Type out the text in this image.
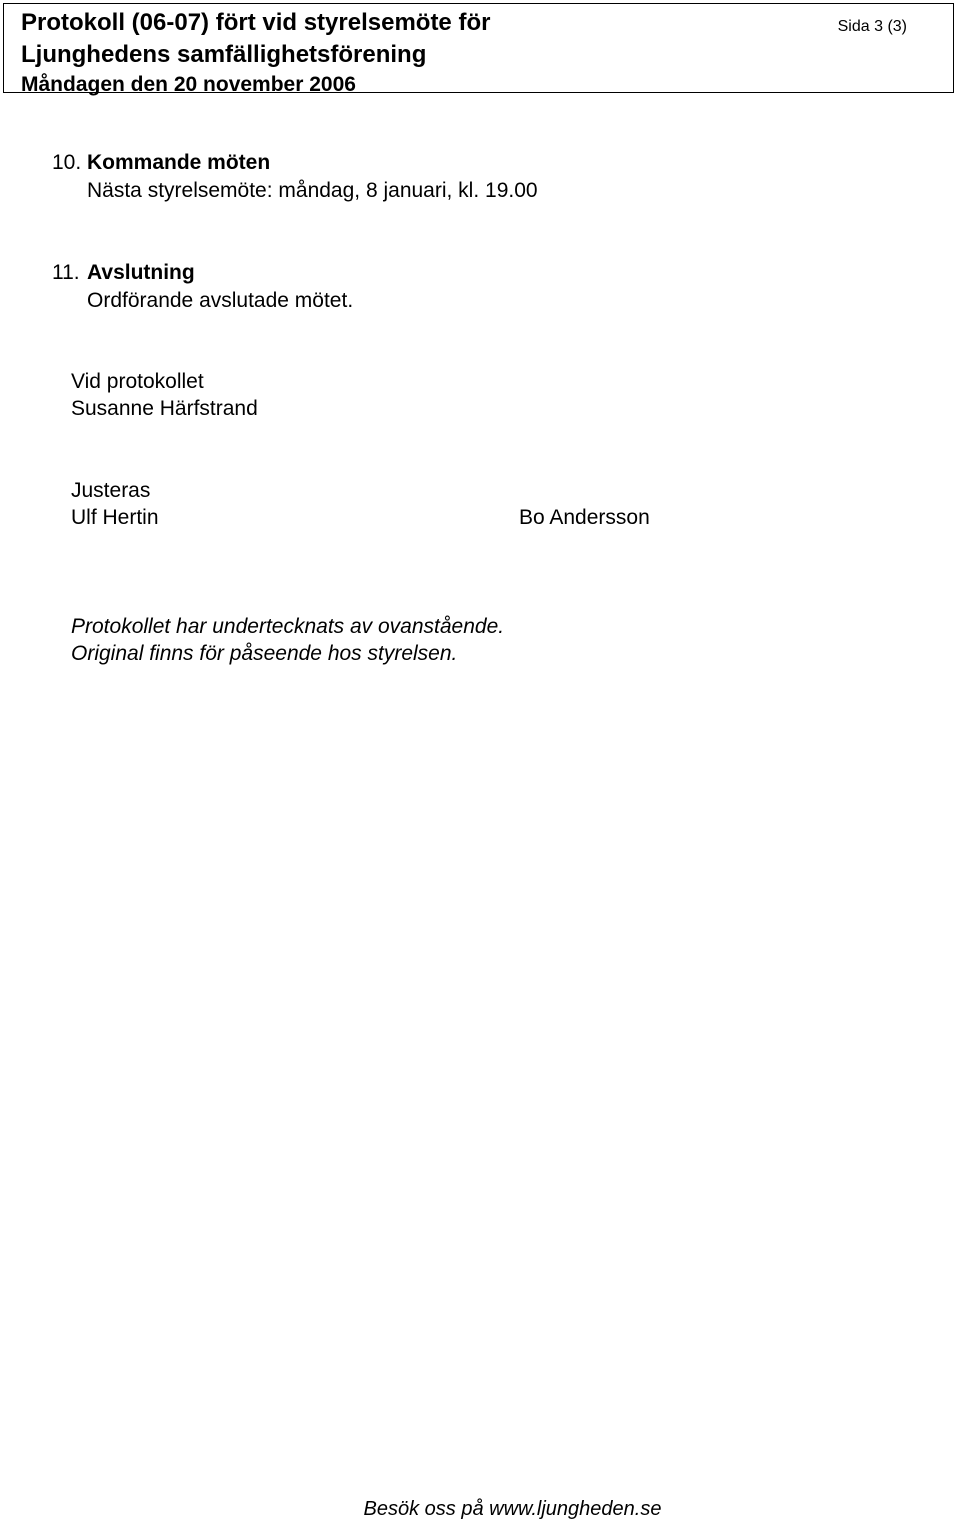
Protokoll (06-07) fört vid styrelsemöte för
Ljunghedens samfällighetsförening
Måndagen den 20 november 2006
Sida 3 (3)
10. Kommande möten
Nästa styrelsemöte: måndag, 8 januari, kl. 19.00
11. Avslutning
Ordförande avslutade mötet.
Vid protokollet
Susanne Härfstrand
Justeras
Ulf Hertin	Bo Andersson
Protokollet har undertecknats av ovanstående.
Original finns för påseende hos styrelsen.
Besök oss på www.ljungheden.se
